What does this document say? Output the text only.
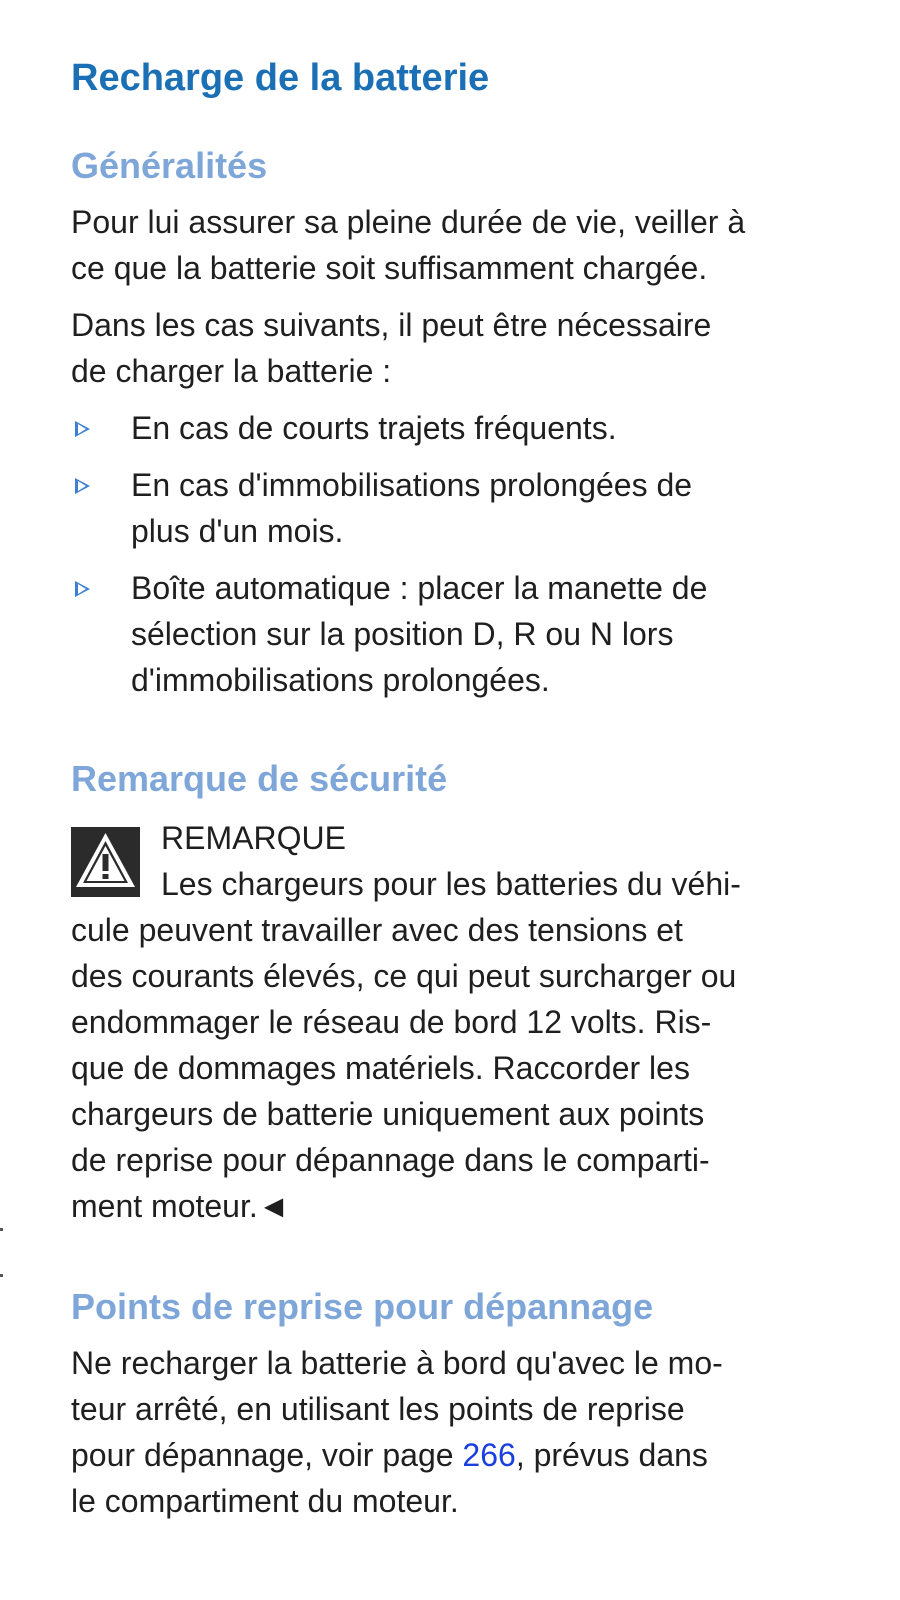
Recharge de la batterie
Généralités

Pour lui assurer sa pleine durée de vie, veiller à
ce que la batterie soit suffisamment chargée.

Dans les cas suivants, il peut être nécessaire
de charger la batterie :

En cas de courts trajets fréquents.
En cas d'immobilisations prolongées de
plus d'un mois.
Boîte automatique : placer la manette de
sélection sur la position D, R ou N lors
d'immobilisations prolongées.
Remarque de sécurité

REMARQUE

Les chargeurs pour les batteries du véhi-
cule peuvent travailler avec des tensions et
des courants élevés, ce qui peut surcharger ou
endommager le réseau de bord 12 volts. Ris-
que de dommages matériels. Raccorder les
chargeurs de batterie uniquement aux points
de reprise pour dépannage dans le comparti-
ment moteur.◄

Points de reprise pour dépannage

Ne recharger la batterie à bord qu'avec le mo-
teur arrêté, en utilisant les points de reprise
pour dépannage, voir page 266, prévus dans
le compartiment du moteur.
